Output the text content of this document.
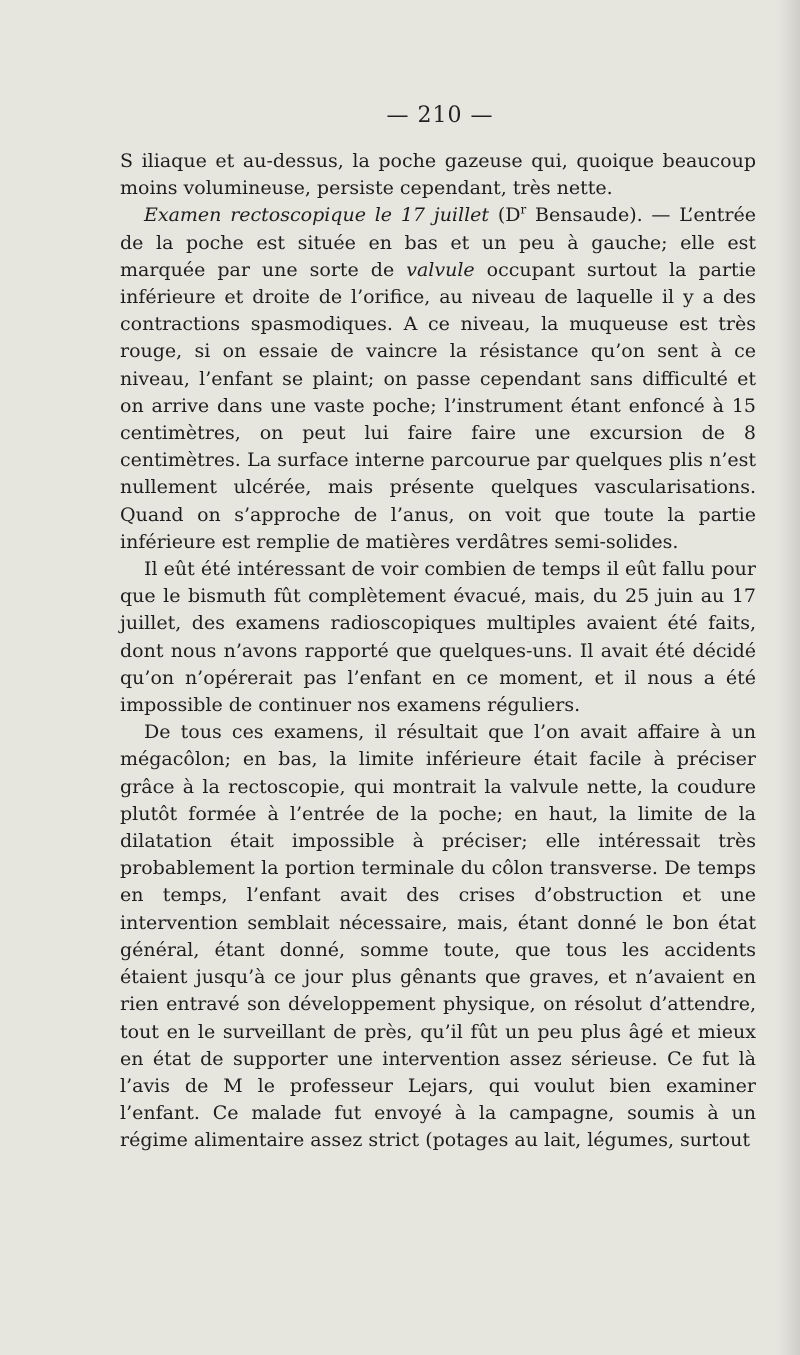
— 210 —

S iliaque et au-dessus, la poche gazeuse qui, quoique beaucoup moins volumineuse, persiste cependant, très nette.

Examen rectoscopique le 17 juillet ($D^r$ Bensaude). — L’entrée de la poche est située en bas et un peu à gauche; elle est marquée par une sorte de valvule occupant surtout la partie inférieure et droite de l’orifice, au niveau de laquelle il y a des contractions spasmodiques. A ce niveau, la muqueuse est très rouge, si on essaie de vaincre la résistance qu’on sent à ce niveau, l’enfant se plaint; on passe cependant sans difficulté et on arrive dans une vaste poche; l’instrument étant enfoncé à 15 centimètres, on peut lui faire faire une excursion de 8 centimètres. La surface interne parcourue par quelques plis n’est nullement ulcérée, mais présente quelques vascularisations. Quand on s’approche de l’anus, on voit que toute la partie inférieure est remplie de matières verdâtres semi-solides.

Il eût été intéressant de voir combien de temps il eût fallu pour que le bismuth fût complètement évacué, mais, du 25 juin au 17 juillet, des examens radioscopiques multiples avaient été faits, dont nous n’avons rapporté que quelques-uns. Il avait été décidé qu’on n’opérerait pas l’enfant en ce moment, et il nous a été impossible de continuer nos examens réguliers.

De tous ces examens, il résultait que l’on avait affaire à un mégacôlon; en bas, la limite inférieure était facile à préciser grâce à la rectoscopie, qui montrait la valvule nette, la coudure plutôt formée à l’entrée de la poche; en haut, la limite de la dilatation était impossible à préciser; elle intéressait très probablement la portion terminale du côlon transverse. De temps en temps, l’enfant avait des crises d’obstruction et une intervention semblait nécessaire, mais, étant donné le bon état général, étant donné, somme toute, que tous les accidents étaient jusqu’à ce jour plus gênants que graves, et n’avaient en rien entravé son développement physique, on résolut d’attendre, tout en le surveillant de près, qu’il fût un peu plus âgé et mieux en état de supporter une intervention assez sérieuse. Ce fut là l’avis de M le professeur Lejars, qui voulut bien examiner l’enfant. Ce malade fut envoyé à la campagne, soumis à un régime alimentaire assez strict (potages au lait, légumes, surtout
